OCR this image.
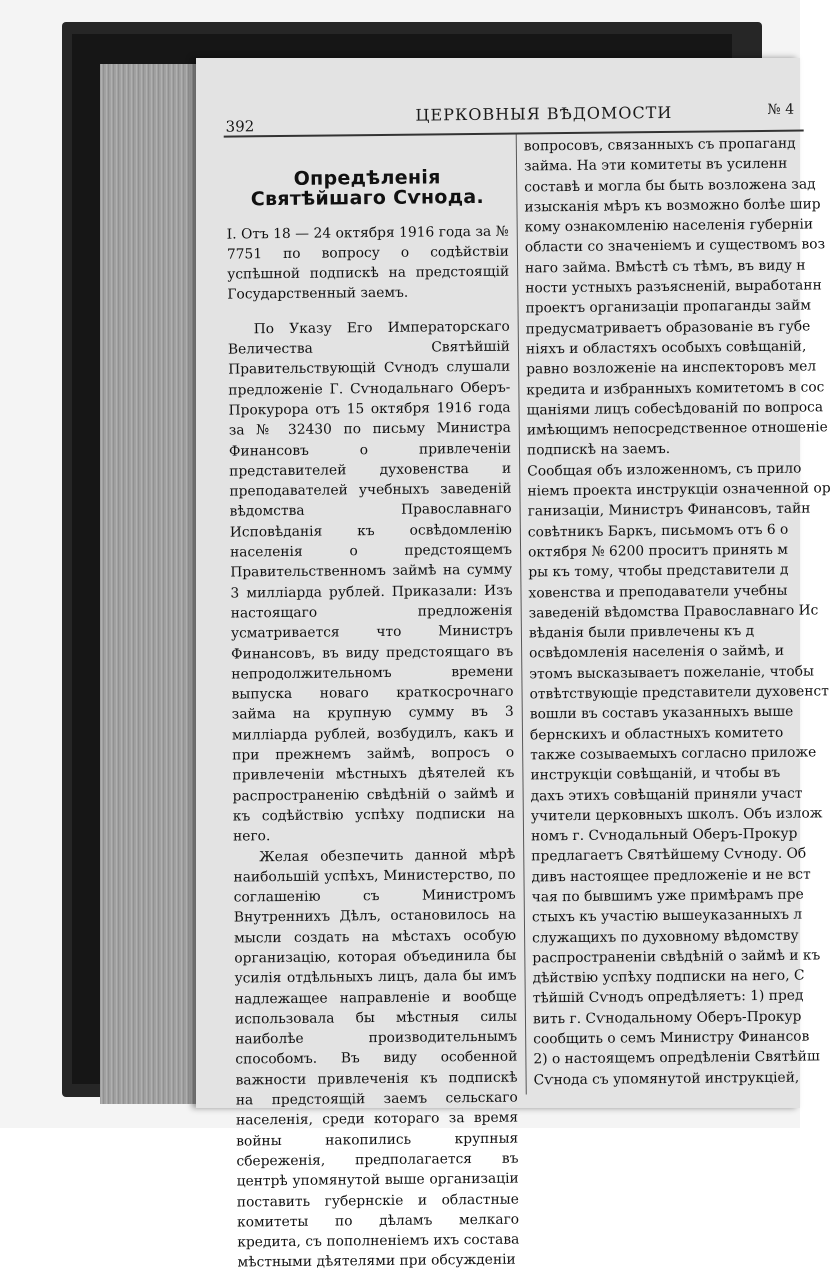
392
ЦЕРКОВНЫЯ ВѢДОМОСТИ	№ 4
Опредѣленія Святѣйшаго Сѵнода.

I. Отъ 18 — 24 октября 1916 года за № 7751 по вопросу о содѣйствіи успѣшной подпискѣ на предстоящій Государственный заемъ.

По Указу Его Императорскаго Величества Святѣйшій Правительствующій Сѵнодъ слушали предложеніе Г. Сѵнодальнаго Оберъ-Прокурора отъ 15 октября 1916 года за № 32430 по письму Министра Финансовъ о привлеченіи представителей духовенства и преподавателей учебныхъ заведеній вѣдомства Православнаго Исповѣданія къ освѣдомленію населенія о предстоящемъ Правительственномъ займѣ на сумму 3 милліарда рублей. Приказали: Изъ настоящаго предложенія усматривается что Министръ Финансовъ, въ виду предстоящаго въ непродолжительномъ времени выпуска новаго краткосрочнаго займа на крупную сумму въ 3 милліарда рублей, возбудилъ, какъ и при прежнемъ займѣ, вопросъ о привлеченіи мѣстныхъ дѣятелей къ распространенію свѣдѣній о займѣ и къ содѣйствію успѣху подписки на него.

Желая обезпечить данной мѣрѣ наибольшій успѣхъ, Министерство, по соглашенію съ Министромъ Внутреннихъ Дѣлъ, остановилось на мысли создать на мѣстахъ особую организацію, которая объединила бы усилія отдѣльныхъ лицъ, дала бы имъ надлежащее направленіе и вообще использовала бы мѣстныя силы наиболѣе производительнымъ способомъ. Въ виду особенной важности привлеченія къ подпискѣ на предстоящій заемъ сельскаго населенія, среди котораго за время войны накопились крупныя сбереженія, предполагается въ центрѣ упомянутой выше организаціи поставить губернскіе и областные комитеты по дѣламъ мелкаго кредита, съ пополненіемъ ихъ состава мѣстными дѣятелями при обсужденіи

вопросовъ, связанныхъ съ пропаганд
займа. На эти комитеты въ усиленн
составѣ и могла бы быть возложена зад
изысканія мѣръ къ возможно болѣе шир
кому ознакомленію населенія губерніи
области со значеніемъ и существомъ воз
наго займа. Вмѣстѣ съ тѣмъ, въ виду н
ности устныхъ разъясненій, выработанн
проектъ организаціи пропаганды займ
предусматриваетъ образованіе въ губе
ніяхъ и областяхъ особыхъ совѣщаній,
равно возложеніе на инспекторовъ мел
кредита и избранныхъ комитетомъ в сос
щаніями лицъ собесѣдованій по вопроса
имѣющимъ непосредственное отношеніе
подпискѣ на заемъ.
Сообщая объ изложенномъ, съ прило
ніемъ проекта инструкціи означенной ор
ганизаціи, Министръ Финансовъ, тайн
совѣтникъ Баркъ, письмомъ отъ 6 о
октября № 6200 проситъ принять м
ры къ тому, чтобы представители д
ховенства и преподаватели учебны
заведеній вѣдомства Православнаго Ис
вѣданія были привлечены къ д
освѣдомленія населенія о займѣ, и
этомъ высказываетъ пожеланіе, чтобы
отвѣтствующіе представители духовенст
вошли въ составъ указанныхъ выше
бернскихъ и областныхъ комитето
также созываемыхъ согласно приложе
инструкціи совѣщаній, и чтобы въ
дахъ этихъ совѣщаній приняли участ
учители церковныхъ школъ. Объ излож
номъ г. Сѵнодальный Оберъ-Прокур
предлагаетъ Святѣйшему Сѵноду. Об
дивъ настоящее предложеніе и не вст
чая по бывшимъ уже примѣрамъ пре
стыхъ къ участію вышеуказанныхъ л
служащихъ по духовному вѣдомству
распространеніи свѣдѣній о займѣ и къ
дѣйствію успѣху подписки на него, С
тѣйшій Сѵнодъ опредѣляетъ: 1) пред
вить г. Сѵнодальному Оберъ-Прокур
сообщить о семъ Министру Финансов
2) о настоящемъ опредѣленіи Святѣйш
Сѵнода съ упомянутой инструкціей,
